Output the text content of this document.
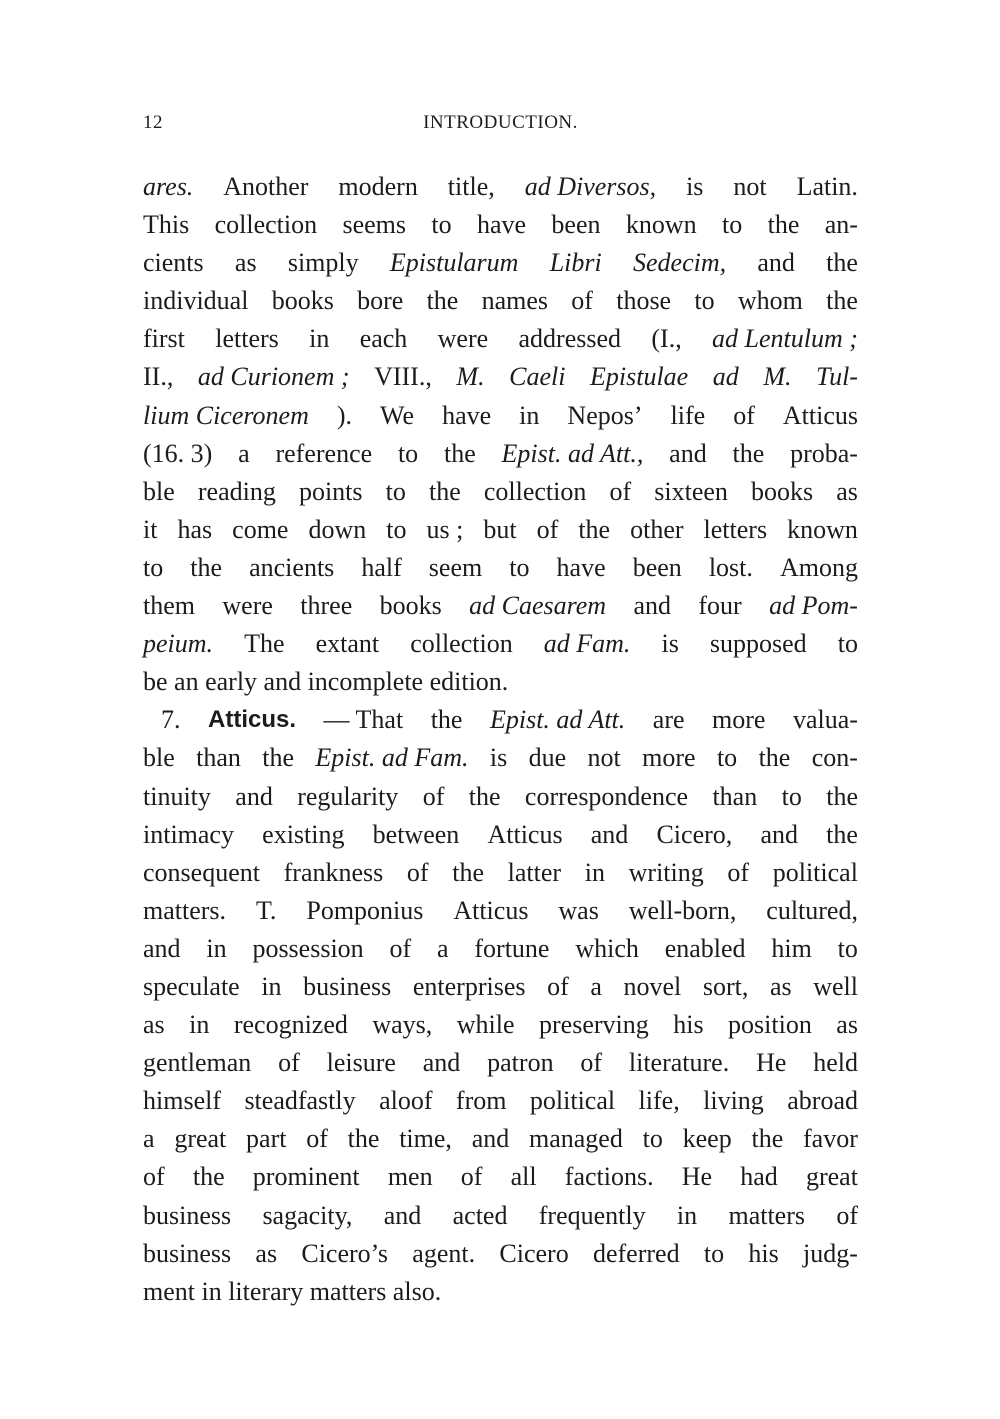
12	INTRODUCTION.
ares. Another modern title, ad Diversos, is not Latin.
This collection seems to have been known to the an-
cients as simply Epistularum Libri Sedecim, and the
individual books bore the names of those to whom the
first letters in each were addressed (I., ad Lentulum ;
II., ad Curionem ; VIII., M. Caeli Epistulae ad M. Tul-
lium Ciceronem ). We have in Nepos’ life of Atticus
(16. 3) a reference to the Epist. ad Att., and the proba-
ble reading points to the collection of sixteen books as
it has come down to us ; but of the other letters known
to the ancients half seem to have been lost. Among
them were three books ad Caesarem and four ad Pom-
peium. The extant collection ad Fam. is supposed to
be an early and incomplete edition.
7. Atticus. — That the Epist. ad Att. are more valua-
ble than the Epist. ad Fam. is due not more to the con-
tinuity and regularity of the correspondence than to the
intimacy existing between Atticus and Cicero, and the
consequent frankness of the latter in writing of political
matters. T. Pomponius Atticus was well-born, cultured,
and in possession of a fortune which enabled him to
speculate in business enterprises of a novel sort, as well
as in recognized ways, while preserving his position as
gentleman of leisure and patron of literature. He held
himself steadfastly aloof from political life, living abroad
a great part of the time, and managed to keep the favor
of the prominent men of all factions. He had great
business sagacity, and acted frequently in matters of
business as Cicero’s agent. Cicero deferred to his judg-
ment in literary matters also.
